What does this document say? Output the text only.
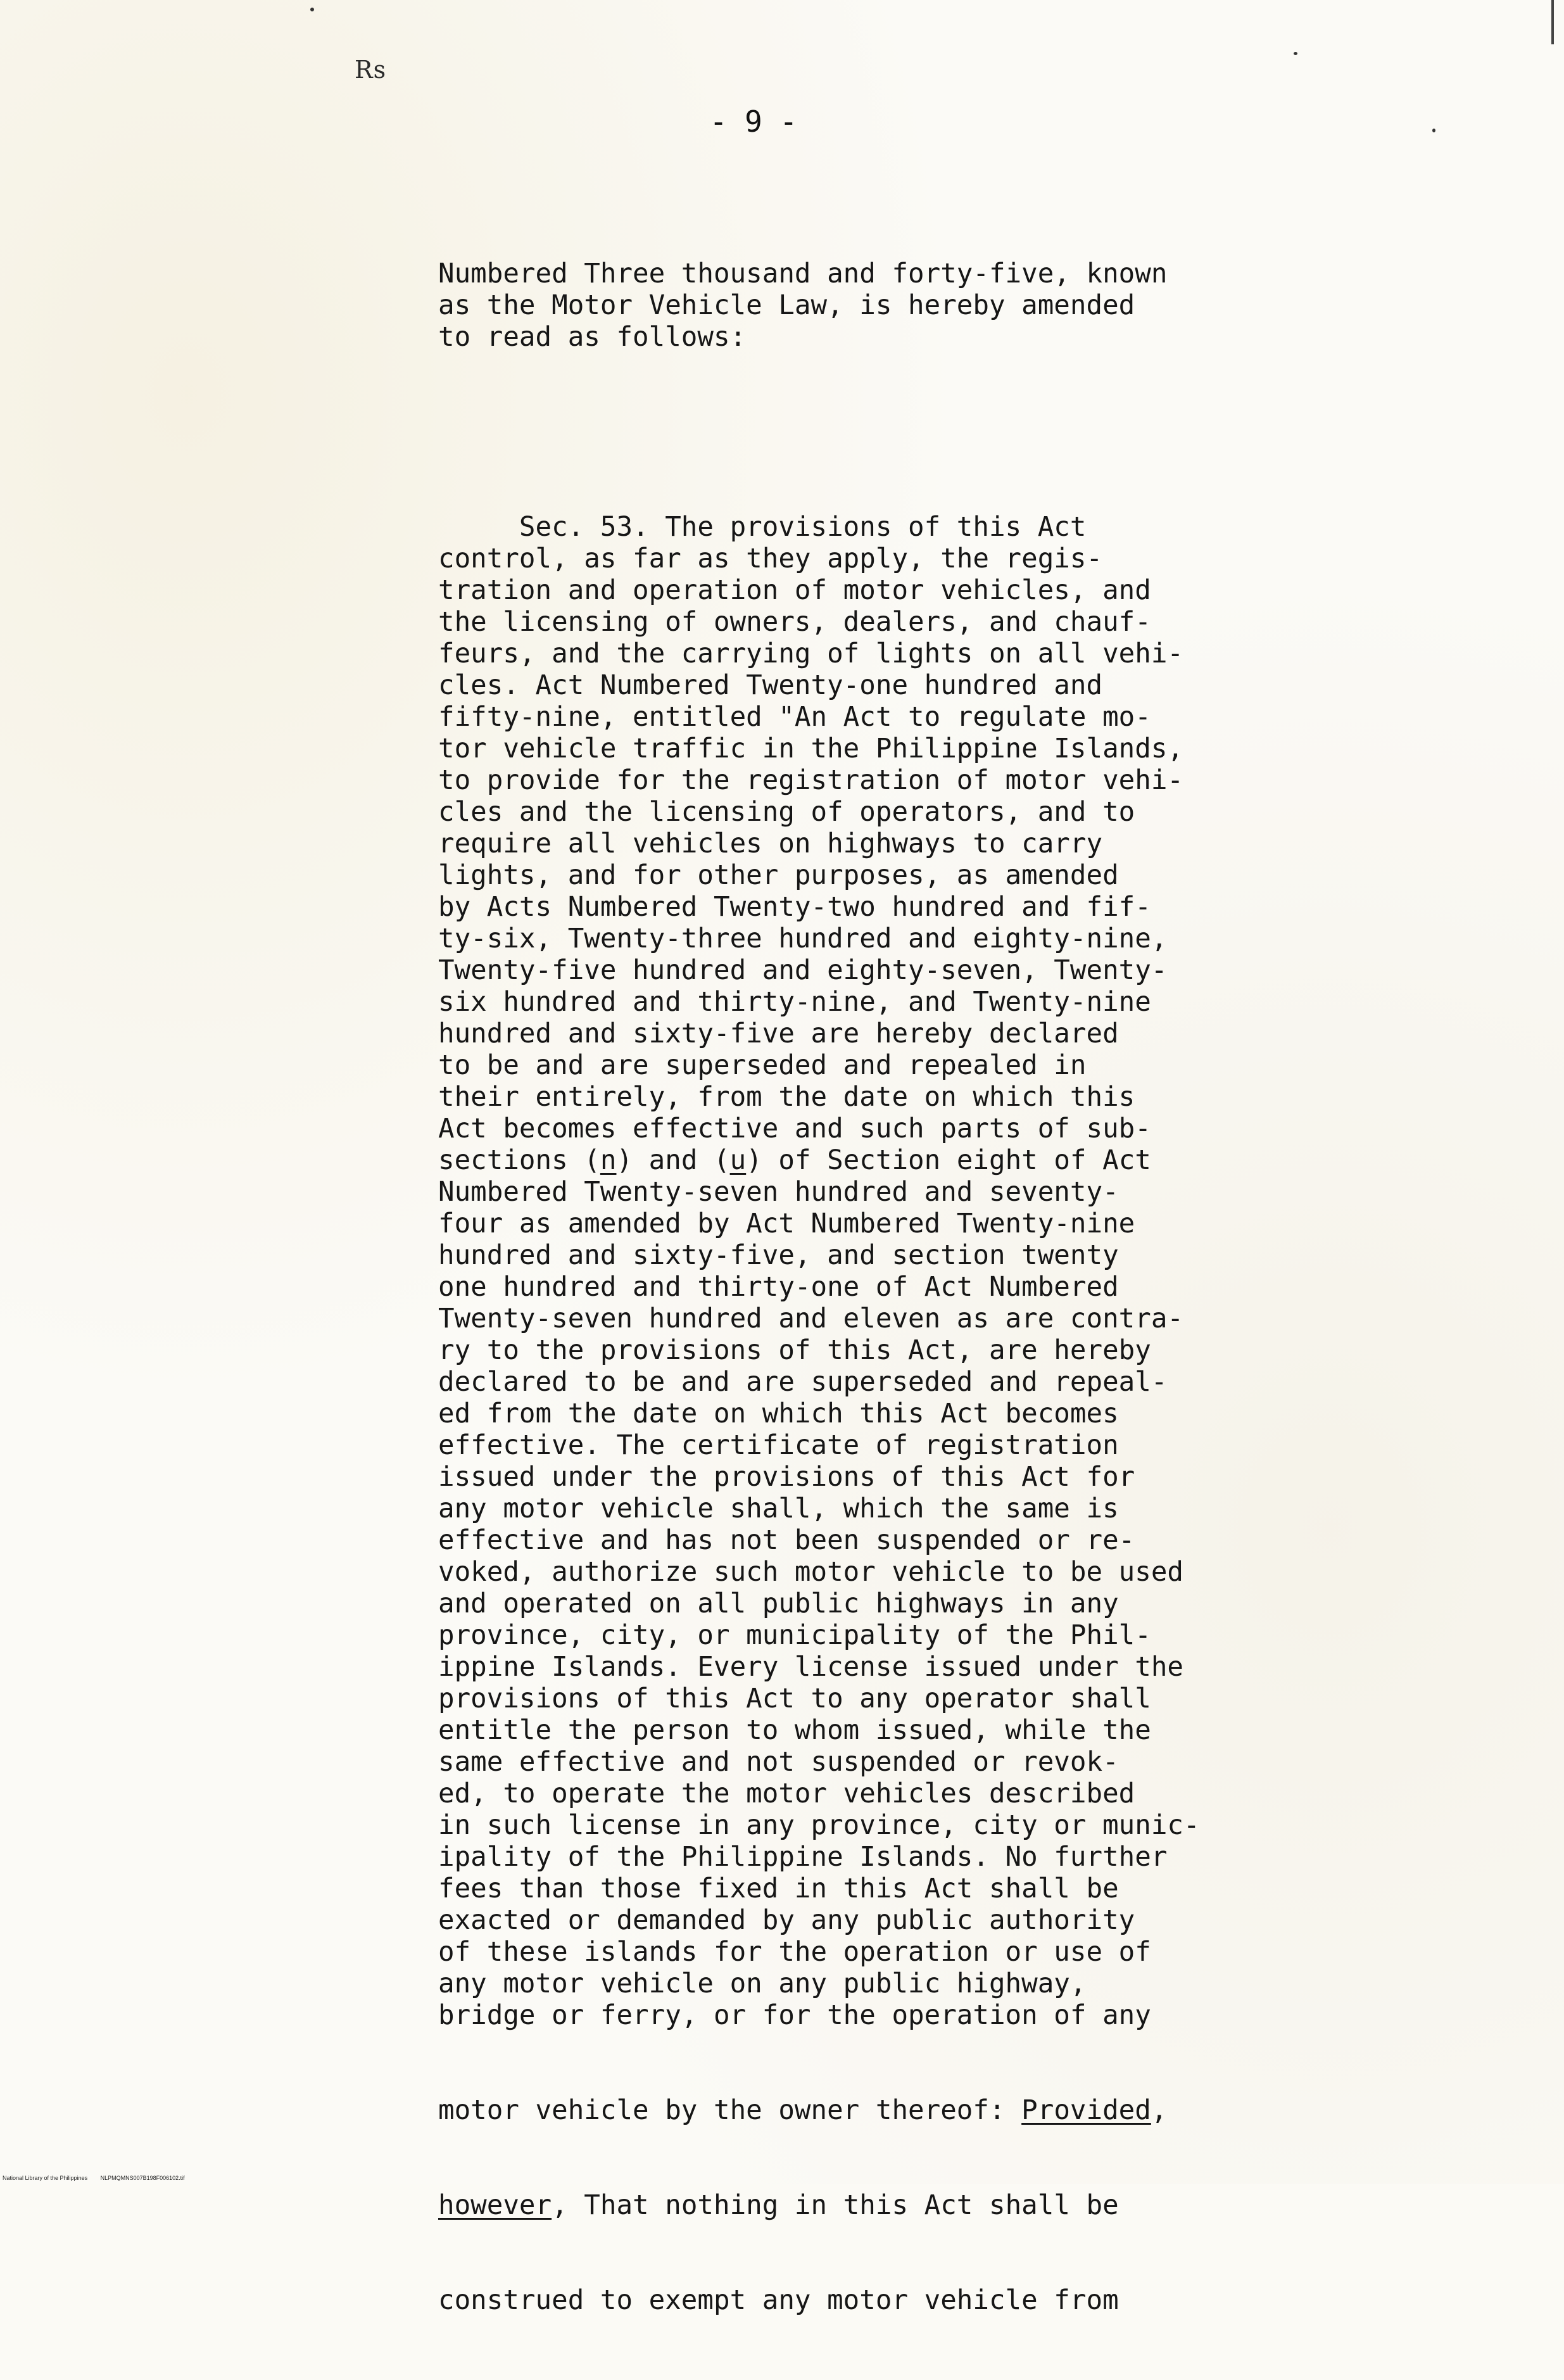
Rs
- 9 -

Numbered Three thousand and forty-five, known
as the Motor Vehicle Law, is hereby amended
to read as follows:

Sec. 53. The provisions of this Act
control, as far as they apply, the regis-
tration and operation of motor vehicles, and
the licensing of owners, dealers, and chauf-
feurs, and the carrying of lights on all vehi-
cles. Act Numbered Twenty-one hundred and
fifty-nine, entitled "An Act to regulate mo-
tor vehicle traffic in the Philippine Islands,
to provide for the registration of motor vehi-
cles and the licensing of operators, and to
require all vehicles on highways to carry
lights, and for other purposes, as amended
by Acts Numbered Twenty-two hundred and fif-
ty-six, Twenty-three hundred and eighty-nine,
Twenty-five hundred and eighty-seven, Twenty-
six hundred and thirty-nine, and Twenty-nine
hundred and sixty-five are hereby declared
to be and are superseded and repealed in
their entirely, from the date on which this
Act becomes effective and such parts of sub-
sections (n) and (u) of Section eight of Act
Numbered Twenty-seven hundred and seventy-
four as amended by Act Numbered Twenty-nine
hundred and sixty-five, and section twenty
one hundred and thirty-one of Act Numbered
Twenty-seven hundred and eleven as are contra-
ry to the provisions of this Act, are hereby
declared to be and are superseded and repeal-
ed from the date on which this Act becomes
effective. The certificate of registration
issued under the provisions of this Act for
any motor vehicle shall, which the same is
effective and has not been suspended or re-
voked, authorize such motor vehicle to be used
and operated on all public highways in any
province, city, or municipality of the Phil-
ippine Islands. Every license issued under the
provisions of this Act to any operator shall
entitle the person to whom issued, while the
same effective and not suspended or revok-
ed, to operate the motor vehicles described
in such license in any province, city or munic-
ipality of the Philippine Islands. No further
fees than those fixed in this Act shall be
exacted or demanded by any public authority
of these islands for the operation or use of
any motor vehicle on any public highway,
bridge or ferry, or for the operation of any

motor vehicle by the owner thereof: Provided,

however, That nothing in this Act shall be

construed to exempt any motor vehicle from

National Library of the Philippines NLPMQMNS007B198F006102.tif
